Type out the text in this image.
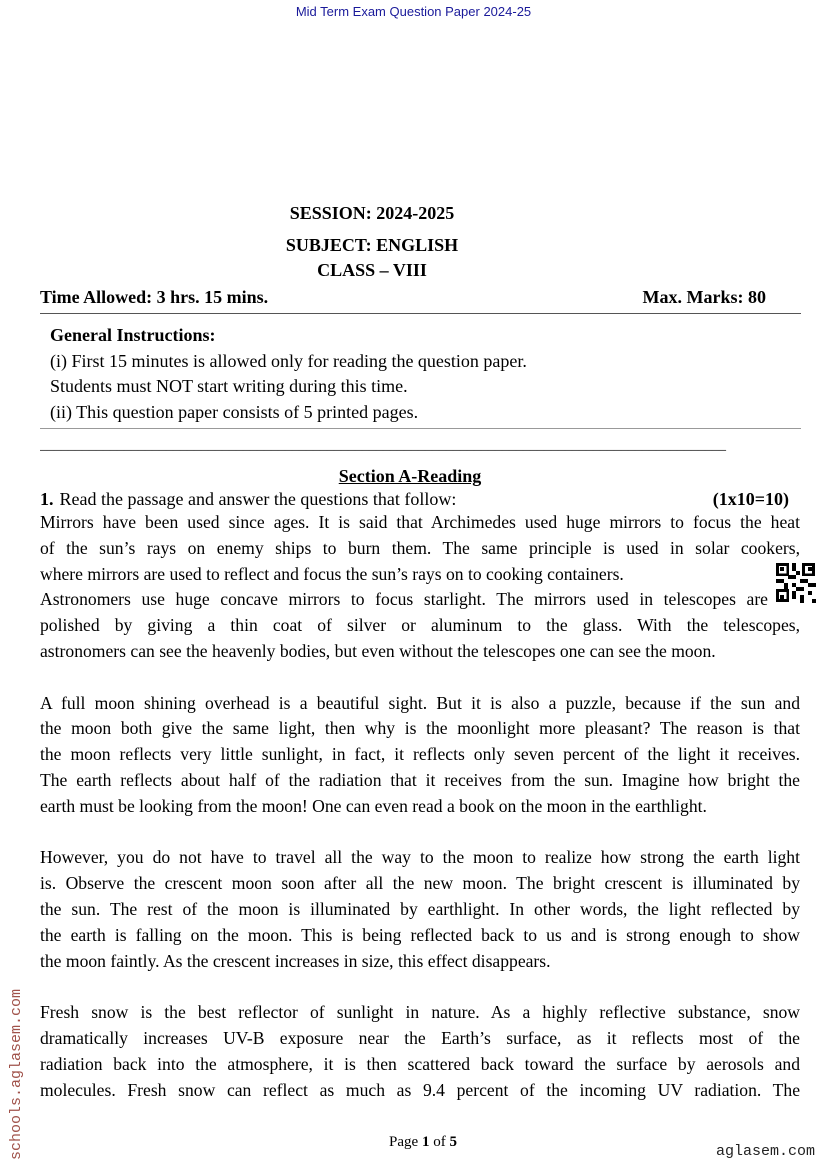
Mid Term Exam Question Paper 2024-25
SESSION: 2024-2025
SUBJECT: ENGLISH
CLASS – VIII
Time Allowed: 3 hrs. 15 mins.	Max. Marks: 80
General Instructions:
(i) First 15 minutes is allowed only for reading the question paper.
Students must NOT start writing during this time.
(ii) This question paper consists of 5 printed pages.
__________________________________________________________________________________________________
Section A-Reading
1. Read the passage and answer the questions that follow:	(1x10=10)
Mirrors have been used since ages. It is said that Archimedes used huge mirrors to focus the heat
of the sun’s rays on enemy ships to burn them. The same principle is used in solar cookers,
where mirrors are used to reflect and focus the sun’s rays on to cooking containers.
Astronomers use huge concave mirrors to focus starlight. The mirrors used in telescopes are
polished by giving a thin coat of silver or aluminum to the glass. With the telescopes,
astronomers can see the heavenly bodies, but even without the telescopes one can see the moon.
A full moon shining overhead is a beautiful sight. But it is also a puzzle, because if the sun and
the moon both give the same light, then why is the moonlight more pleasant? The reason is that
the moon reflects very little sunlight, in fact, it reflects only seven percent of the light it receives.
The earth reflects about half of the radiation that it receives from the sun. Imagine how bright the
earth must be looking from the moon! One can even read a book on the moon in the earthlight.
However, you do not have to travel all the way to the moon to realize how strong the earth light
is. Observe the crescent moon soon after all the new moon. The bright crescent is illuminated by
the sun. The rest of the moon is illuminated by earthlight. In other words, the light reflected by
the earth is falling on the moon. This is being reflected back to us and is strong enough to show
the moon faintly. As the crescent increases in size, this effect disappears.
Fresh snow is the best reflector of sunlight in nature. As a highly reflective substance, snow
dramatically increases UV-B exposure near the Earth’s surface, as it reflects most of the
radiation back into the atmosphere, it is then scattered back toward the surface by aerosols and
molecules. Fresh snow can reflect as much as 9.4 percent of the incoming UV radiation. The
schools.aglasem.com	Page 1 of 5
aglasem.com
